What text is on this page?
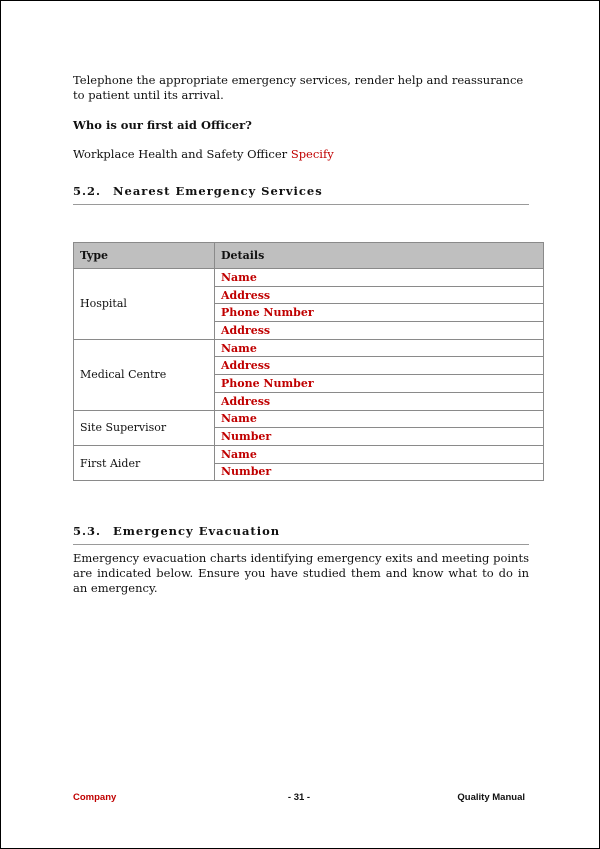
Telephone the appropriate emergency services, render help and reassurance to patient until its arrival.
Who is our first aid Officer?
Workplace Health and Safety Officer Specify
5.2. Nearest Emergency Services
Type	Details
Hospital	Name
	Address
	Phone Number
	Address
Medical Centre	Name
	Address
	Phone Number
	Address
Site Supervisor	Name
	Number
First Aider	Name
	Number
5.3. Emergency Evacuation
Emergency evacuation charts identifying emergency exits and meeting points are indicated below. Ensure you have studied them and know what to do in an emergency.
Company	- 31 -	Quality Manual
